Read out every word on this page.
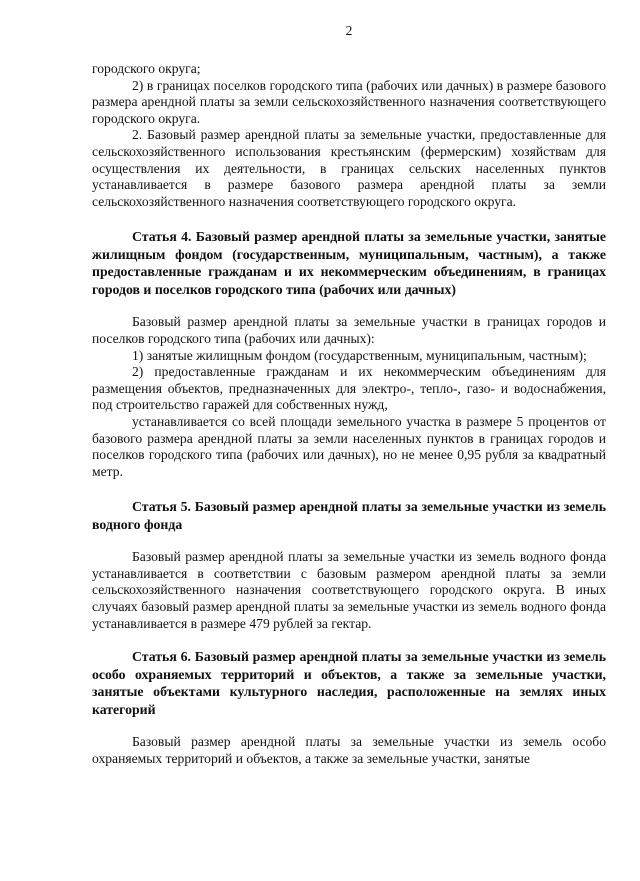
2

городского округа;

2) в границах поселков городского типа (рабочих или дачных) в размере базового размера арендной платы за земли сельскохозяйственного назначения соответствующего городского округа.

2. Базовый размер арендной платы за земельные участки, предоставленные для сельскохозяйственного использования крестьянским (фермерским) хозяйствам для осуществления их деятельности, в границах сельских населенных пунктов устанавливается в размере базового размера арендной платы за земли сельскохозяйственного назначения соответствующего городского округа.

Статья 4. Базовый размер арендной платы за земельные участки, занятые жилищным фондом (государственным, муниципальным, частным), а также предоставленные гражданам и их некоммерческим объединениям, в границах городов и поселков городского типа (рабочих или дачных)

Базовый размер арендной платы за земельные участки в границах городов и поселков городского типа (рабочих или дачных):

1) занятые жилищным фондом (государственным, муниципальным, частным);

2) предоставленные гражданам и их некоммерческим объединениям для размещения объектов, предназначенных для электро-, тепло-, газо- и водоснабжения, под строительство гаражей для собственных нужд,

устанавливается со всей площади земельного участка в размере 5 процентов от базового размера арендной платы за земли населенных пунктов в границах городов и поселков городского типа (рабочих или дачных), но не менее 0,95 рубля за квадратный метр.

Статья 5. Базовый размер арендной платы за земельные участки из земель водного фонда

Базовый размер арендной платы за земельные участки из земель водного фонда устанавливается в соответствии с базовым размером арендной платы за земли сельскохозяйственного назначения соответствующего городского округа. В иных случаях базовый размер арендной платы за земельные участки из земель водного фонда устанавливается в размере 479 рублей за гектар.

Статья 6. Базовый размер арендной платы за земельные участки из земель особо охраняемых территорий и объектов, а также за земельные участки, занятые объектами культурного наследия, расположенные на землях иных категорий

Базовый размер арендной платы за земельные участки из земель особо охраняемых территорий и объектов, а также за земельные участки, занятые
